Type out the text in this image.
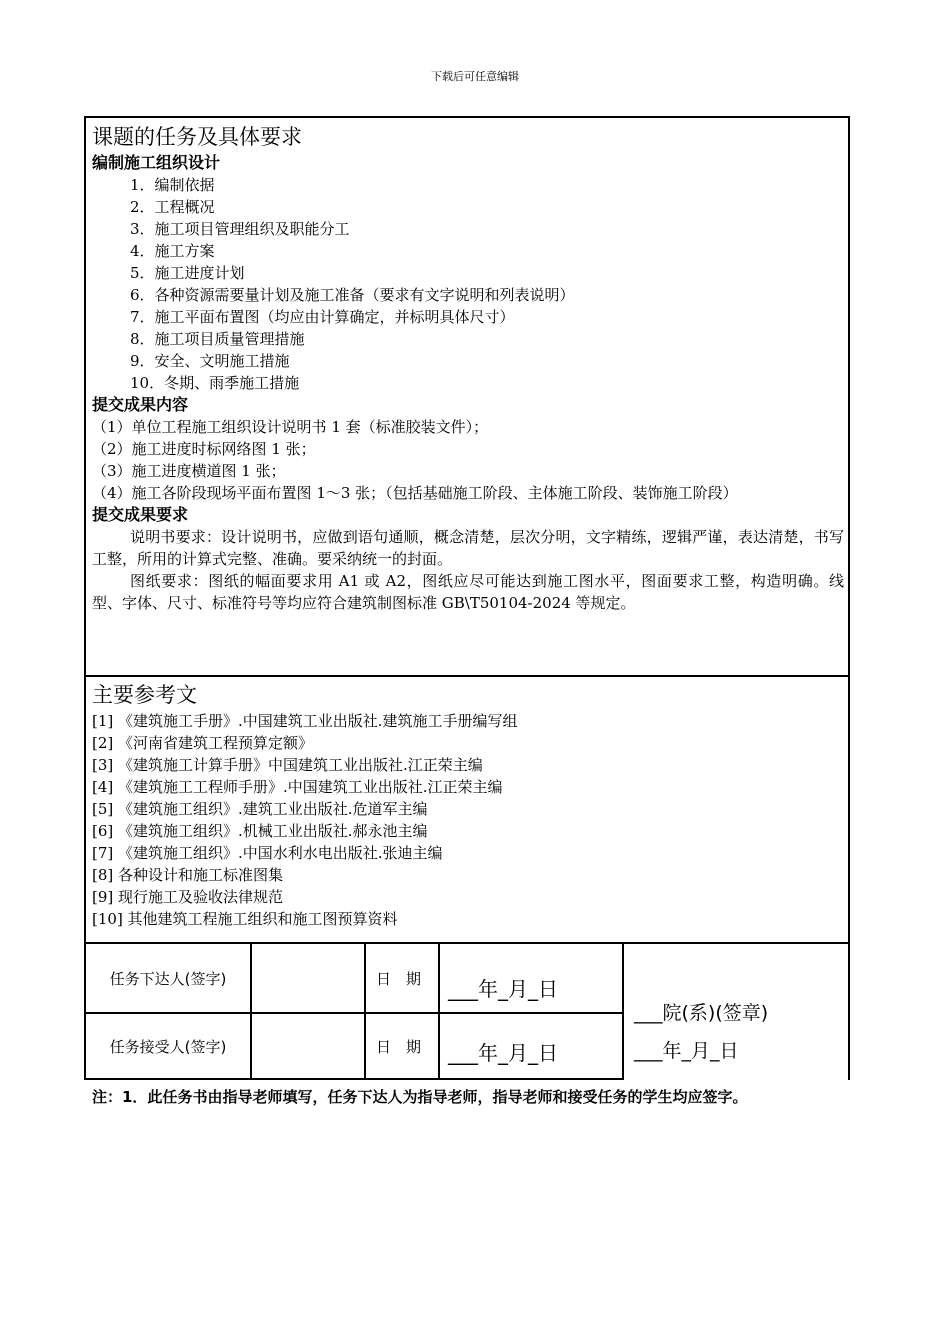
下载后可任意编辑
课题的任务及具体要求
编制施工组织设计
1．编制依据
2．工程概况
3．施工项目管理组织及职能分工
4．施工方案
5．施工进度计划
6．各种资源需要量计划及施工准备（要求有文字说明和列表说明）
7．施工平面布置图（均应由计算确定，并标明具体尺寸）
8．施工项目质量管理措施
9．安全、文明施工措施
10．冬期、雨季施工措施
提交成果内容
（1）单位工程施工组织设计说明书 1 套（标准胶装文件）；
（2）施工进度时标网络图 1 张；
（3）施工进度横道图 1 张；
（4）施工各阶段现场平面布置图 1～3 张；（包括基础施工阶段、主体施工阶段、装饰施工阶段）
提交成果要求
说明书要求：设计说明书，应做到语句通顺，概念清楚，层次分明，文字精练，逻辑严谨，表达清楚，书写工整，所用的计算式完整、准确。要采纳统一的封面。
图纸要求：图纸的幅面要求用 A1 或 A2，图纸应尽可能达到施工图水平，图面要求工整，构造明确。线型、字体、尺寸、标准符号等均应符合建筑制图标准 GB\T50104-2024 等规定。
主要参考文
[1] 《建筑施工手册》.中国建筑工业出版社.建筑施工手册编写组
[2] 《河南省建筑工程预算定额》
[3] 《建筑施工计算手册》中国建筑工业出版社.江正荣主编
[4] 《建筑施工工程师手册》.中国建筑工业出版社.江正荣主编
[5] 《建筑施工组织》.建筑工业出版社.危道军主编
[6] 《建筑施工组织》.机械工业出版社.郝永池主编
[7] 《建筑施工组织》.中国水利水电出版社.张迪主编
[8] 各种设计和施工标准图集
[9] 现行施工及验收法律规范
[10] 其他建筑工程施工组织和施工图预算资料
任务下达人(签字)	日　期	___年_月_日
任务接受人(签字)	日　期	___年_月_日
___院(系)(签章)
___年_月_日
注：1．此任务书由指导老师填写，任务下达人为指导老师，指导老师和接受任务的学生均应签字。
